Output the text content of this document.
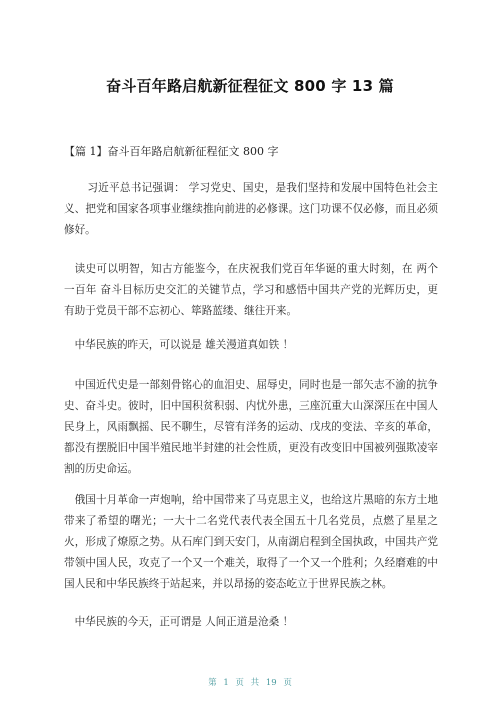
奋斗百年路启航新征程征文 800 字 13 篇
【篇 1】奋斗百年路启航新征程征文 800 字

习近平总书记强调： 学习党史、国史，是我们坚持和发展中国特色社会主义、把党和国家各项事业继续推向前进的必修课。这门功课不仅必修，而且必须修好。

读史可以明智，知古方能鉴今，在庆祝我们党百年华诞的重大时刻，在 两个一百年 奋斗目标历史交汇的关键节点，学习和感悟中国共产党的光辉历史，更有助于党员干部不忘初心、筚路蓝缕、继往开来。

中华民族的昨天，可以说是 雄关漫道真如铁 ！

中国近代史是一部刻骨铭心的血泪史、屈辱史，同时也是一部矢志不渝的抗争史、奋斗史。彼时，旧中国积贫积弱、内忧外患，三座沉重大山深深压在中国人民身上，风雨飘摇、民不聊生，尽管有洋务的运动、戊戌的变法、辛亥的革命，都没有摆脱旧中国半殖民地半封建的社会性质，更没有改变旧中国被列强欺凌宰割的历史命运。

俄国十月革命一声炮响，给中国带来了马克思主义，也给这片黑暗的东方土地带来了希望的曙光；一大十二名党代表代表全国五十几名党员，点燃了星星之火，形成了燎原之势。从石库门到天安门，从南湖启程到全国执政，中国共产党带领中国人民，攻克了一个又一个难关，取得了一个又一个胜利；久经磨难的中国人民和中华民族终于站起来，并以昂扬的姿态屹立于世界民族之林。

中华民族的今天，正可谓是 人间正道是沧桑 ！

第 1 页 共 19 页
